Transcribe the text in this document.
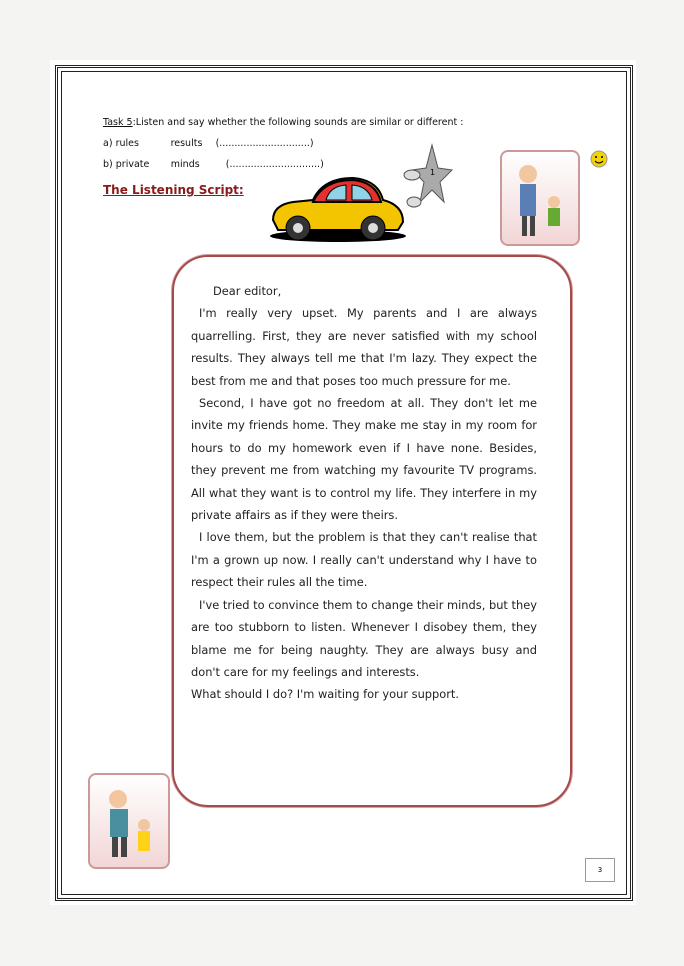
Task 5:Listen and say whether the following sounds are similar or different :
a) rules	results (..............................)
b) private minds	(..............................)
The Listening Script:
1

Dear editor,

I'm really very upset. My parents and I are always quarrelling. First, they are never satisfied with my school results. They always tell me that I'm lazy. They expect the best from me and that poses too much pressure for me.

Second, I have got no freedom at all. They don't let me invite my friends home. They make me stay in my room for hours to do my homework even if I have none. Besides, they prevent me from watching my favourite TV programs. All what they want is to control my life. They interfere in my private affairs as if they were theirs.

I love them, but the problem is that they can't realise that I'm a grown up now. I really can't understand why I have to respect their rules all the time.

I've tried to convince them to change their minds, but they are too stubborn to listen. Whenever I disobey them, they blame me for being naughty. They are always busy and don't care for my feelings and interests.

What should I do? I'm waiting for your support.

3
